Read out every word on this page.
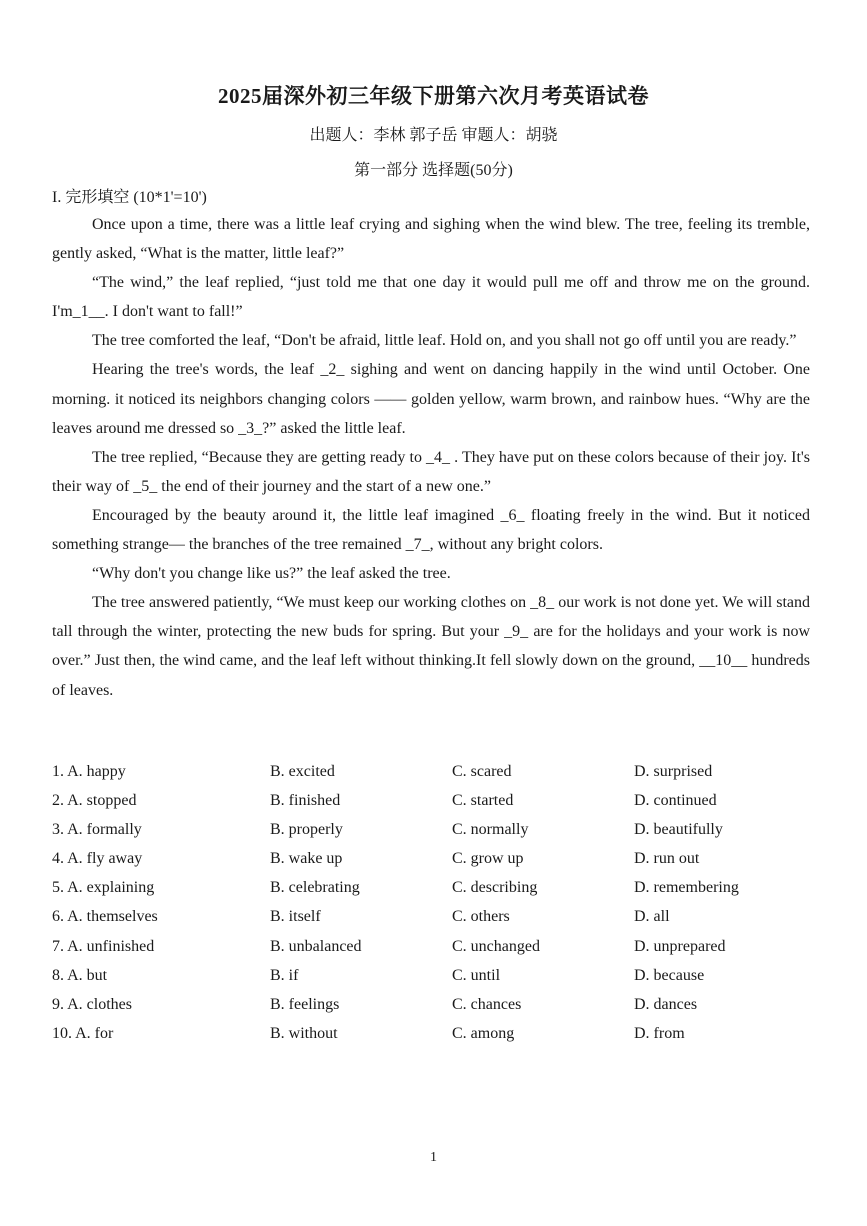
2025届深外初三年级下册第六次月考英语试卷
出题人：李林 郭子岳 审题人：胡骁
第一部分 选择题(50分)
I. 完形填空 (10*1'=10')

Once upon a time, there was a little leaf crying and sighing when the wind blew. The tree, feeling its tremble, gently asked, “What is the matter, little leaf?”

“The wind,” the leaf replied, “just told me that one day it would pull me off and throw me on the ground. I'm_1__. I don't want to fall!”

The tree comforted the leaf, “Don't be afraid, little leaf. Hold on, and you shall not go off until you are ready.”

Hearing the tree's words, the leaf _2_ sighing and went on dancing happily in the wind until October. One morning. it noticed its neighbors changing colors —— golden yellow, warm brown, and rainbow hues. “Why are the leaves around me dressed so _3_?” asked the little leaf.

The tree replied, “Because they are getting ready to _4_ . They have put on these colors because of their joy. It's their way of _5_ the end of their journey and the start of a new one.”

Encouraged by the beauty around it, the little leaf imagined _6_ floating freely in the wind. But it noticed something strange— the branches of the tree remained _7_, without any bright colors.

“Why don't you change like us?” the leaf asked the tree.

The tree answered patiently, “We must keep our working clothes on _8_ our work is not done yet. We will stand tall through the winter, protecting the new buds for spring. But your _9_ are for the holidays and your work is now over.” Just then, the wind came, and the leaf left without thinking.It fell slowly down on the ground, __10__ hundreds of leaves.

1. A. happy	B. excited	C. scared	D. surprised
2. A. stopped	B. finished	C. started	D. continued
3. A. formally	B. properly	C. normally	D. beautifully
4. A. fly away	B. wake up	C. grow up	D. run out
5. A. explaining	B. celebrating	C. describing	D. remembering
6. A. themselves	B. itself	C. others	D. all
7. A. unfinished	B. unbalanced	C. unchanged	D. unprepared
8. A. but	B. if	C. until	D. because
9. A. clothes	B. feelings	C. chances	D. dances
10. A. for	B. without	C. among	D. from
1
